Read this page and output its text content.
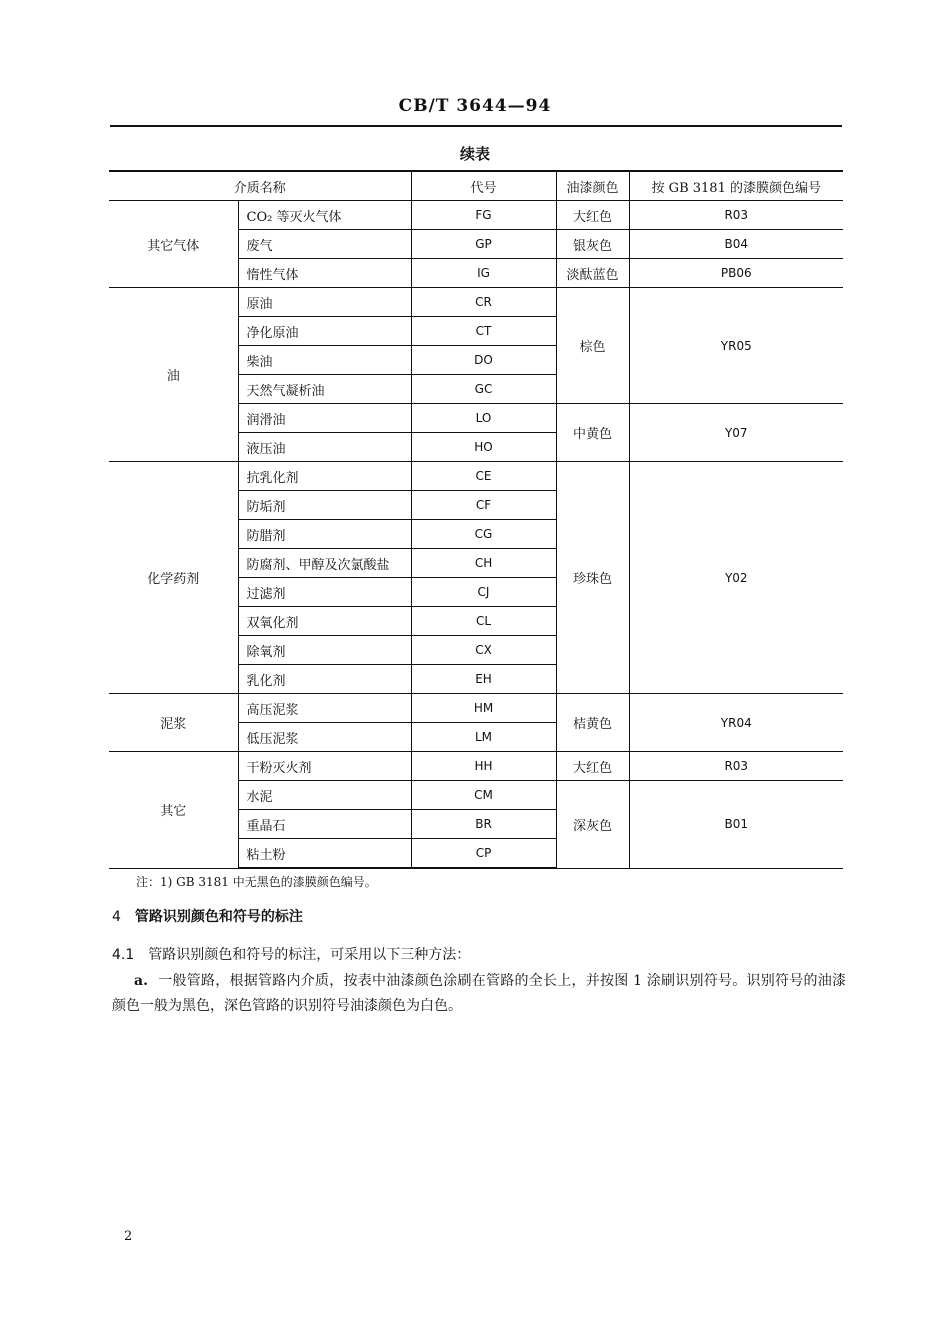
CB/T 3644—94
续表
介质名称		代号	油漆颜色	按 GB 3181 的漆膜颜色编号
其它气体	CO₂ 等灭火气体	FG	大红色	R03
	废气	GP	银灰色	B04
	惰性气体	IG	淡酞蓝色	PB06
油	原油	CR	棕色	YR05
	净化原油	CT		
	柴油	DO		
	天然气凝析油	GC		
	润滑油	LO	中黄色	Y07
	液压油	HO		
化学药剂	抗乳化剂	CE	珍珠色	Y02
	防垢剂	CF		
	防腊剂	CG		
	防腐剂、甲醇及次氯酸盐	CH		
	过滤剂	CJ		
	双氧化剂	CL		
	除氧剂	CX		
	乳化剂	EH		
泥浆	高压泥浆	HM	桔黄色	YR04
	低压泥浆	LM		
其它	干粉灭火剂	HH	大红色	R03
	水泥	CM	深灰色	B01
	重晶石	BR		
	粘土粉	CP		
注：1) GB 3181 中无黑色的漆膜颜色编号。
4 管路识别颜色和符号的标注
4.1 管路识别颜色和符号的标注，可采用以下三种方法：
a. 一般管路，根据管路内介质，按表中油漆颜色涂刷在管路的全长上，并按图 1 涂刷识别符号。识别符号的油漆颜色一般为黑色，深色管路的识别符号油漆颜色为白色。
2
